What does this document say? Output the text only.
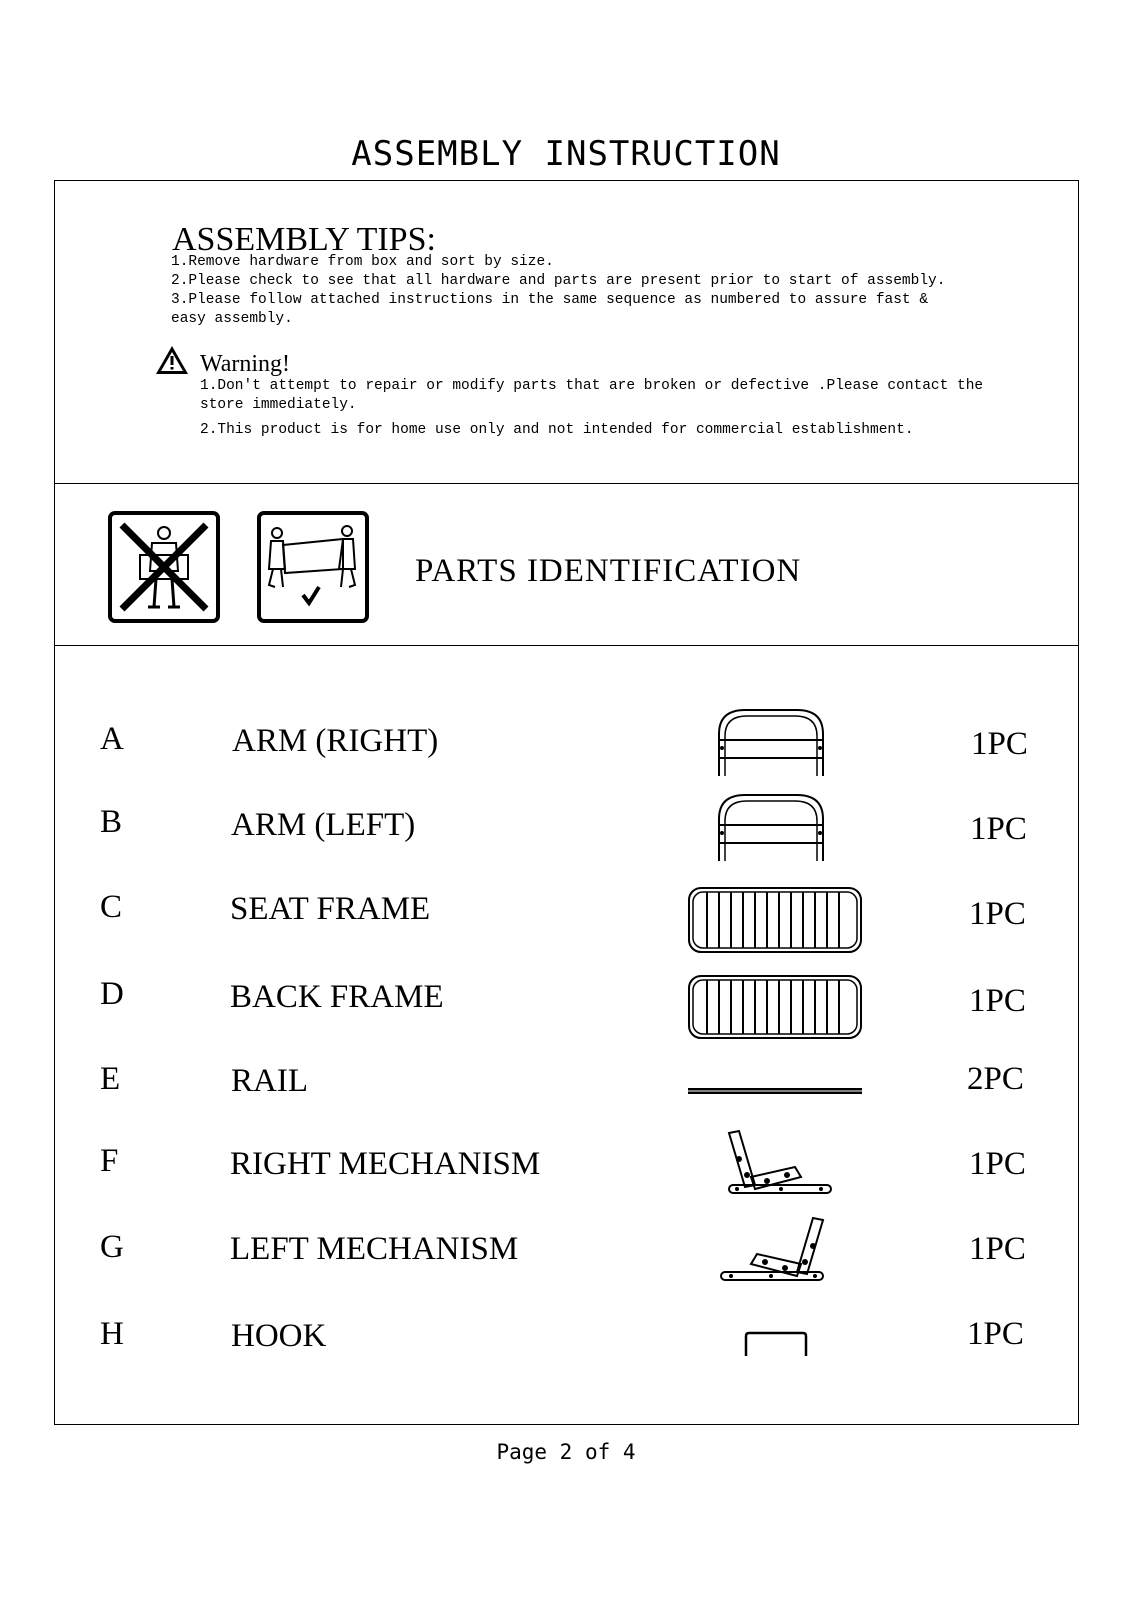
ASSEMBLY INSTRUCTION
ASSEMBLY TIPS:
1.Remove hardware from box and sort by size.
2.Please check to see that all hardware and parts are present prior to start of assembly.
3.Please follow attached instructions in the same sequence as numbered to assure fast &
easy assembly.
Warning!
1.Don't attempt to repair or modify parts that are broken or defective .Please contact the
store immediately.
2.This product is for home use only and not intended for commercial establishment.
PARTS IDENTIFICATION
A	ARM (RIGHT)	1PC
B	ARM (LEFT)	1PC
C	SEAT FRAME	1PC
D	BACK FRAME	1PC
E	RAIL	2PC
F	RIGHT MECHANISM	1PC
G	LEFT MECHANISM	1PC
H	HOOK	1PC
Page 2 of 4
